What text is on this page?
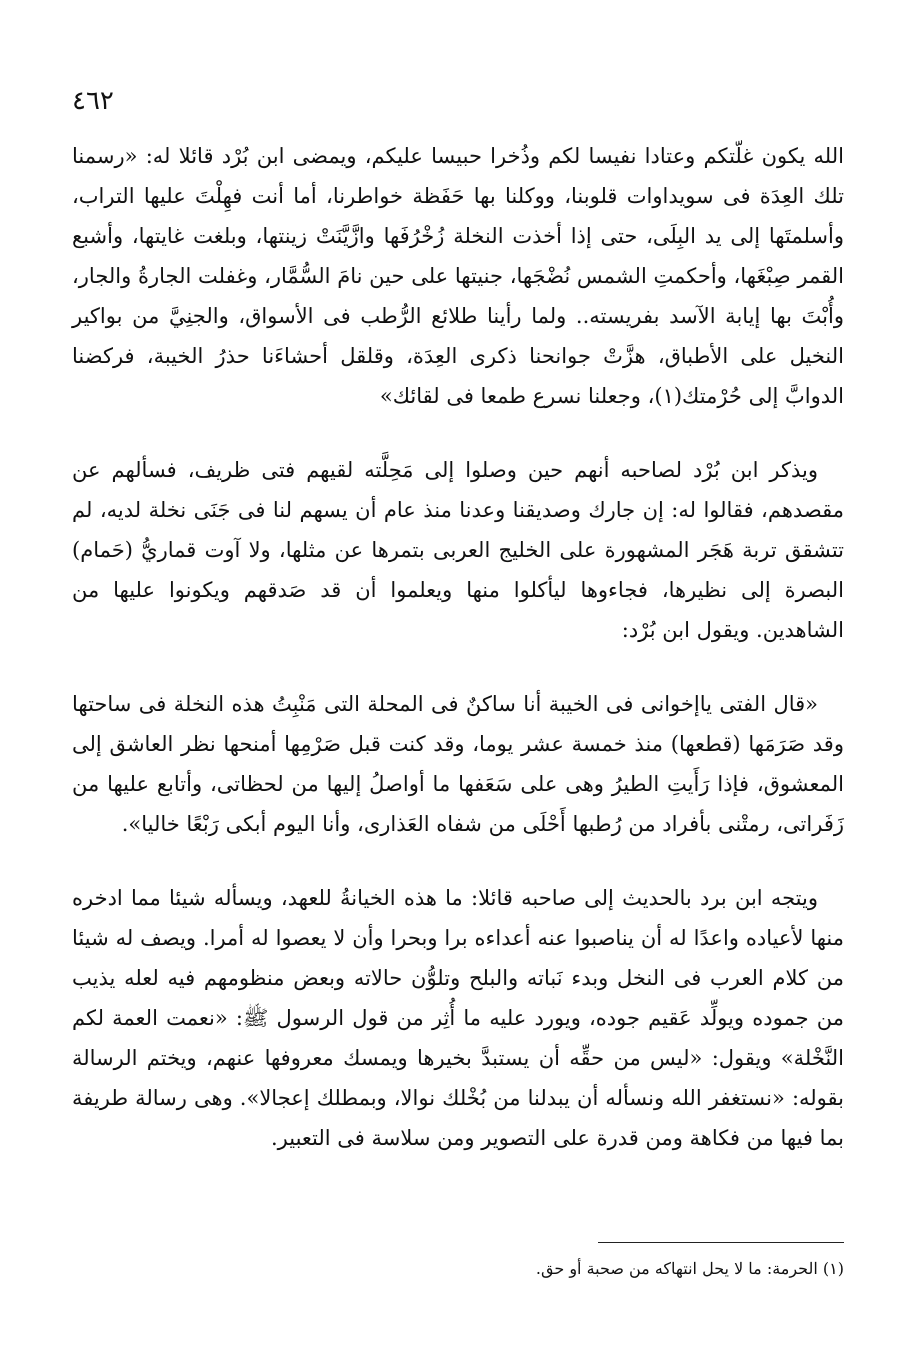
٤٦٢

الله يكون غلّتكم وعتادا نفيسا لكم وذُخرا حبيسا عليكم، ويمضى ابن بُرْد قائلا له: «رسمنا تلك العِدَة فى سويداوات قلوبنا، ووكلنا بها حَفَظة خواطرنا، أما أنت فهِلْتَ عليها التراب، وأسلمتَها إلى يد البِلَى، حتى إذا أخذت النخلة زُخْرُفَها وازَّيَّنَتْ زينتها، وبلغت غايتها، وأشبع القمر صِبْغَها، وأحكمتِ الشمس نُضْجَها، جنيتها على حين نامَ السُّمَّار، وغفلت الجارةُ والجار، وأُبْتَ بها إيابة الآسد بفريسته.. ولما رأينا طلائع الرُّطب فى الأسواق، والجنِيَّ من بواكير النخيل على الأطباق، هزَّتْ جوانحنا ذكرى العِدَة، وقلقل أحشاءَنا حذرُ الخيبة، فركضنا الدوابَّ إلى حُرْمتك(١)، وجعلنا نسرع طمعا فى لقائك»

ويذكر ابن بُرْد لصاحبه أنهم حين وصلوا إلى مَحِلَّته لقيهم فتى ظريف، فسألهم عن مقصدهم، فقالوا له: إن جارك وصديقنا وعدنا منذ عام أن يسهم لنا فى جَنَى نخلة لديه، لم تتشقق تربة هَجَر المشهورة على الخليج العربى بتمرها عن مثلها، ولا آوت قماريُّ (حَمام) البصرة إلى نظيرها، فجاءوها ليأكلوا منها ويعلموا أن قد صَدقهم ويكونوا عليها من الشاهدين. ويقول ابن بُرْد:

«قال الفتى ياإخوانى فى الخيبة أنا ساكنٌ فى المحلة التى مَنْبِتُ هذه النخلة فى ساحتها وقد صَرَمَها (قطعها) منذ خمسة عشر يوما، وقد كنت قبل صَرْمِها أمنحها نظر العاشق إلى المعشوق، فإذا رَأَيتِ الطيرُ وهى على سَعَفها ما أواصلُ إليها من لحظاتى، وأتابع عليها من زَفَراتى، رمتْنى بأفراد من رُطبها أَحْلَى من شفاه العَذارى، وأنا اليوم أبكى رَبْعًا خاليا».

ويتجه ابن برد بالحديث إلى صاحبه قائلا: ما هذه الخيانةُ للعهد، ويسأله شيئا مما ادخره منها لأعياده واعدًا له أن يناصبوا عنه أعداءه برا وبحرا وأن لا يعصوا له أمرا. ويصف له شيئا من كلام العرب فى النخل وبدء نَباته والبلح وتلوُّن حالاته وبعض منظومهم فيه لعله يذيب من جموده ويولِّد عَقيم جوده، ويورد عليه ما أُثِر من قول الرسول ﷺ: «نعمت العمة لكم النَّخْلة» ويقول: «ليس من حقِّه أن يستبدَّ بخيرها ويمسك معروفها عنهم، ويختم الرسالة بقوله: «نستغفر الله ونسأله أن يبدلنا من بُخْلك نوالا، وبمطلك إعجالا». وهى رسالة طريفة بما فيها من فكاهة ومن قدرة على التصوير ومن سلاسة فى التعبير.

(١) الحرمة: ما لا يحل انتهاكه من صحبة أو حق.
